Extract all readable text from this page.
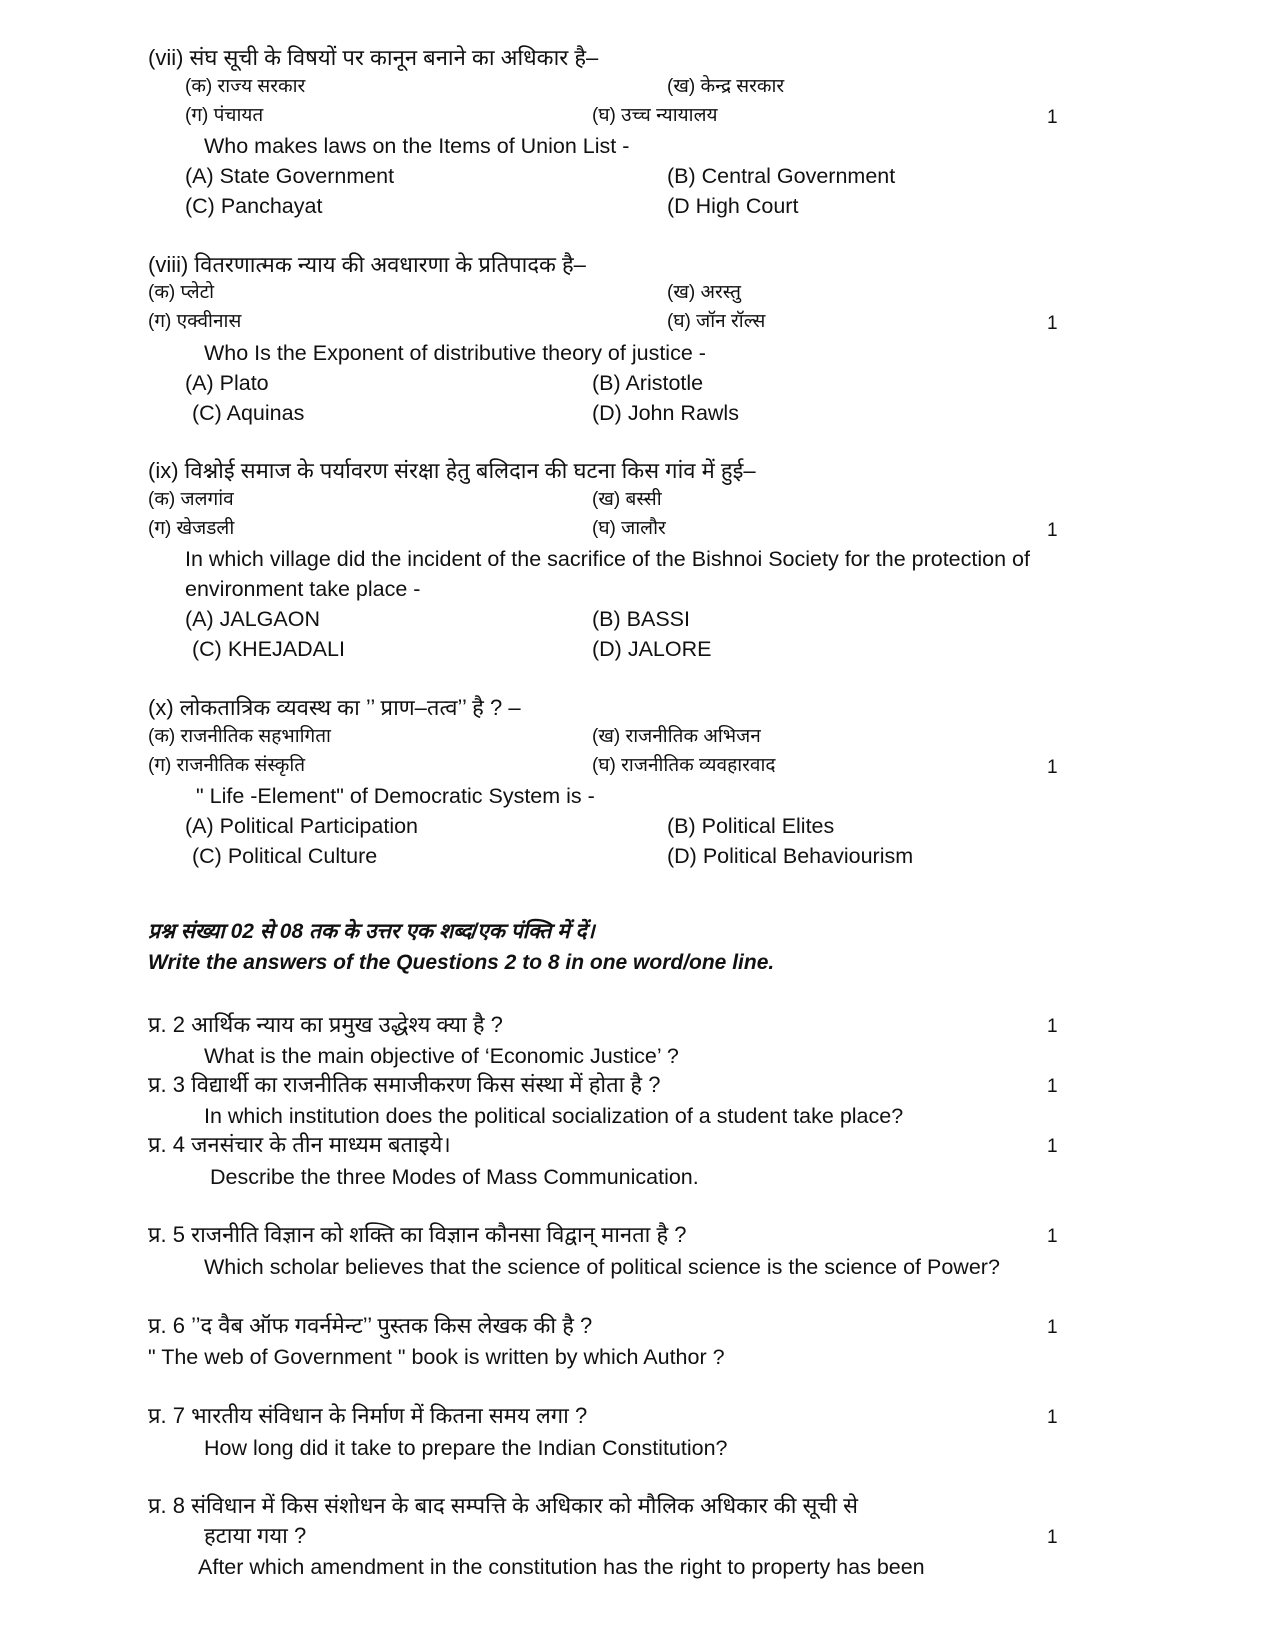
(vii) संघ सूची के विषयों पर कानून बनाने का अधिकार है–
(क) राज्य सरकार	(ख) केन्द्र सरकार
(ग) पंचायत	(घ) उच्च न्यायालय	1
Who makes laws on the Items of Union List -
(A) State Government	(B) Central Government
(C) Panchayat	(D High Court
(viii) वितरणात्मक न्याय की अवधारणा के प्रतिपादक है–
(क) प्लेटो	(ख) अरस्तु
(ग) एक्वीनास	(घ) जॉन रॉल्स	1
Who Is the Exponent of distributive theory of justice -
(A) Plato	(B) Aristotle
(C) Aquinas	(D) John Rawls
(ix) विश्नोई समाज के पर्यावरण संरक्षा हेतु बलिदान की घटना किस गांव में हुई–
(क) जलगांव	(ख) बस्सी
(ग) खेजडली	(घ) जालौर	1
In which village did the incident of the sacrifice of the Bishnoi Society for the protection of
environment take place -
(A) JALGAON	(B) BASSI
(C) KHEJADALI	(D) JALORE
(x) लोकतात्रिक व्यवस्थ का ’’ प्राण–तत्व’’ है ? –
(क) राजनीतिक सहभागिता	(ख) राजनीतिक अभिजन
(ग) राजनीतिक संस्कृति	(घ) राजनीतिक व्यवहारवाद	1
" Life -Element" of Democratic System is -
(A) Political Participation	(B) Political Elites
(C) Political Culture	(D) Political Behaviourism
प्रश्न संख्या 02 से 08 तक के उत्तर एक शब्द/एक पंक्ति में दें।
Write the answers of the Questions 2 to 8 in one word/one line.
प्र. 2 आर्थिक न्याय का प्रमुख उद्धेश्य क्या है ?	1
What is the main objective of ‘Economic Justice’ ?
प्र. 3 विद्यार्थी का राजनीतिक समाजीकरण किस संस्था में होता है ?	1
In which institution does the political socialization of a student take place?
प्र. 4 जनसंचार के तीन माध्यम बताइये।	1
Describe the three Modes of Mass Communication.
प्र. 5 राजनीति विज्ञान को शक्ति का विज्ञान कौनसा विद्वान् मानता है ?	1
Which scholar believes that the science of political science is the science of Power?
प्र. 6 ’’द वैब ऑफ गवर्नमेन्ट’’ पुस्तक किस लेखक की है ?	1
" The web of Government " book is written by which Author ?
प्र. 7 भारतीय संविधान के निर्माण में कितना समय लगा ?	1
How long did it take to prepare the Indian Constitution?
प्र. 8 संविधान में किस संशोधन के बाद सम्पत्ति के अधिकार को मौलिक अधिकार की सूची से
हटाया गया ?	1
After which amendment in the constitution has the right to property has been
